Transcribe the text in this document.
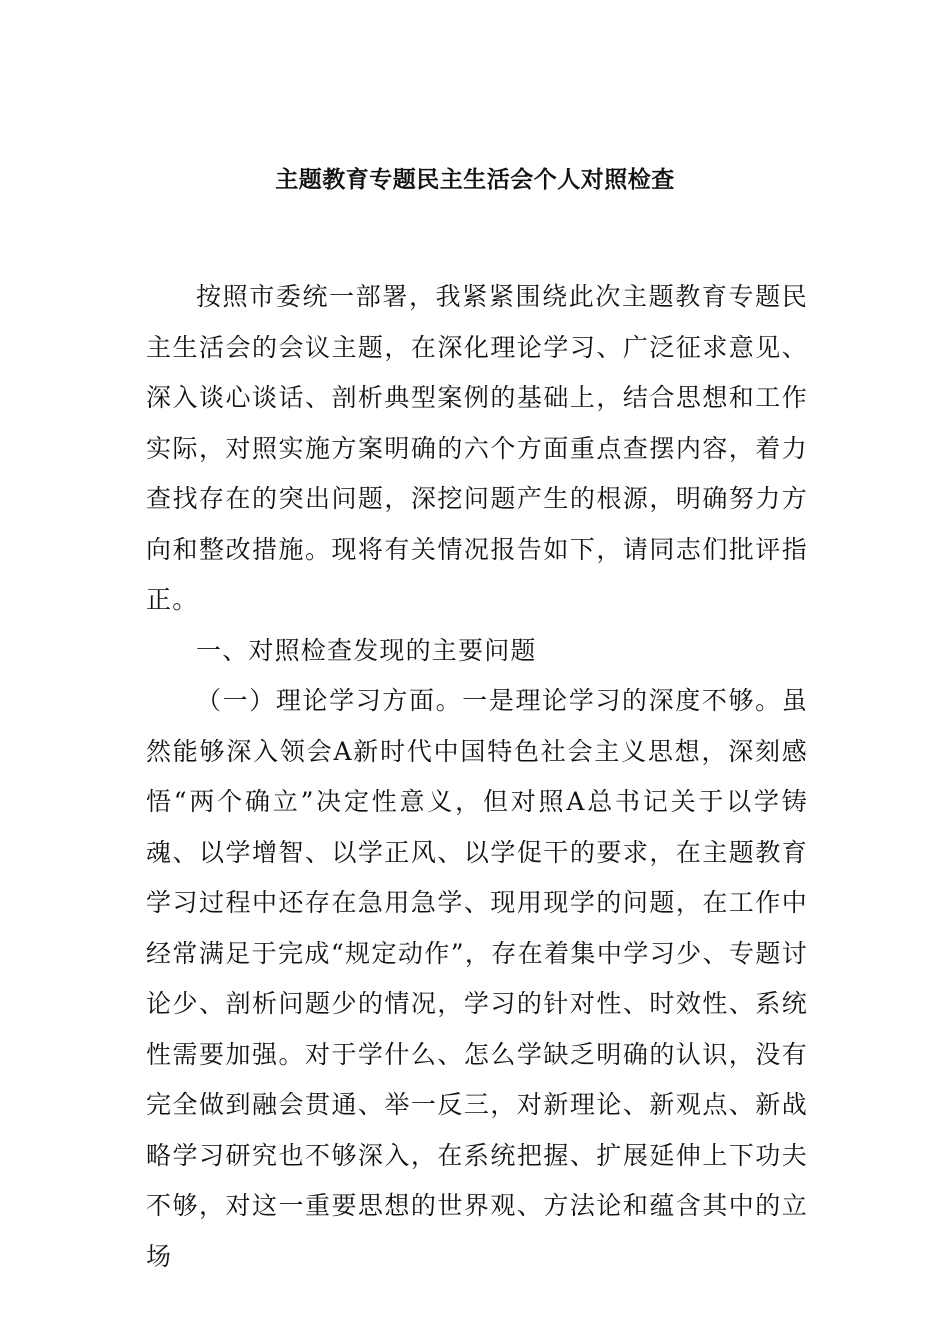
主题教育专题民主生活会个人对照检查

按照市委统一部署，我紧紧围绕此次主题教育专题民主生活会的会议主题，在深化理论学习、广泛征求意见、深入谈心谈话、剖析典型案例的基础上，结合思想和工作实际，对照实施方案明确的六个方面重点查摆内容，着力查找存在的突出问题，深挖问题产生的根源，明确努力方向和整改措施。现将有关情况报告如下，请同志们批评指正。

一、对照检查发现的主要问题

（一）理论学习方面。一是理论学习的深度不够。虽然能够深入领会A新时代中国特色社会主义思想，深刻感悟“两个确立”决定性意义，但对照A总书记关于以学铸魂、以学增智、以学正风、以学促干的要求，在主题教育学习过程中还存在急用急学、现用现学的问题，在工作中经常满足于完成“规定动作”，存在着集中学习少、专题讨论少、剖析问题少的情况，学习的针对性、时效性、系统性需要加强。对于学什么、怎么学缺乏明确的认识，没有完全做到融会贯通、举一反三，对新理论、新观点、新战略学习研究也不够深入，在系统把握、扩展延伸上下功夫不够，对这一重要思想的世界观、方法论和蕴含其中的立场
